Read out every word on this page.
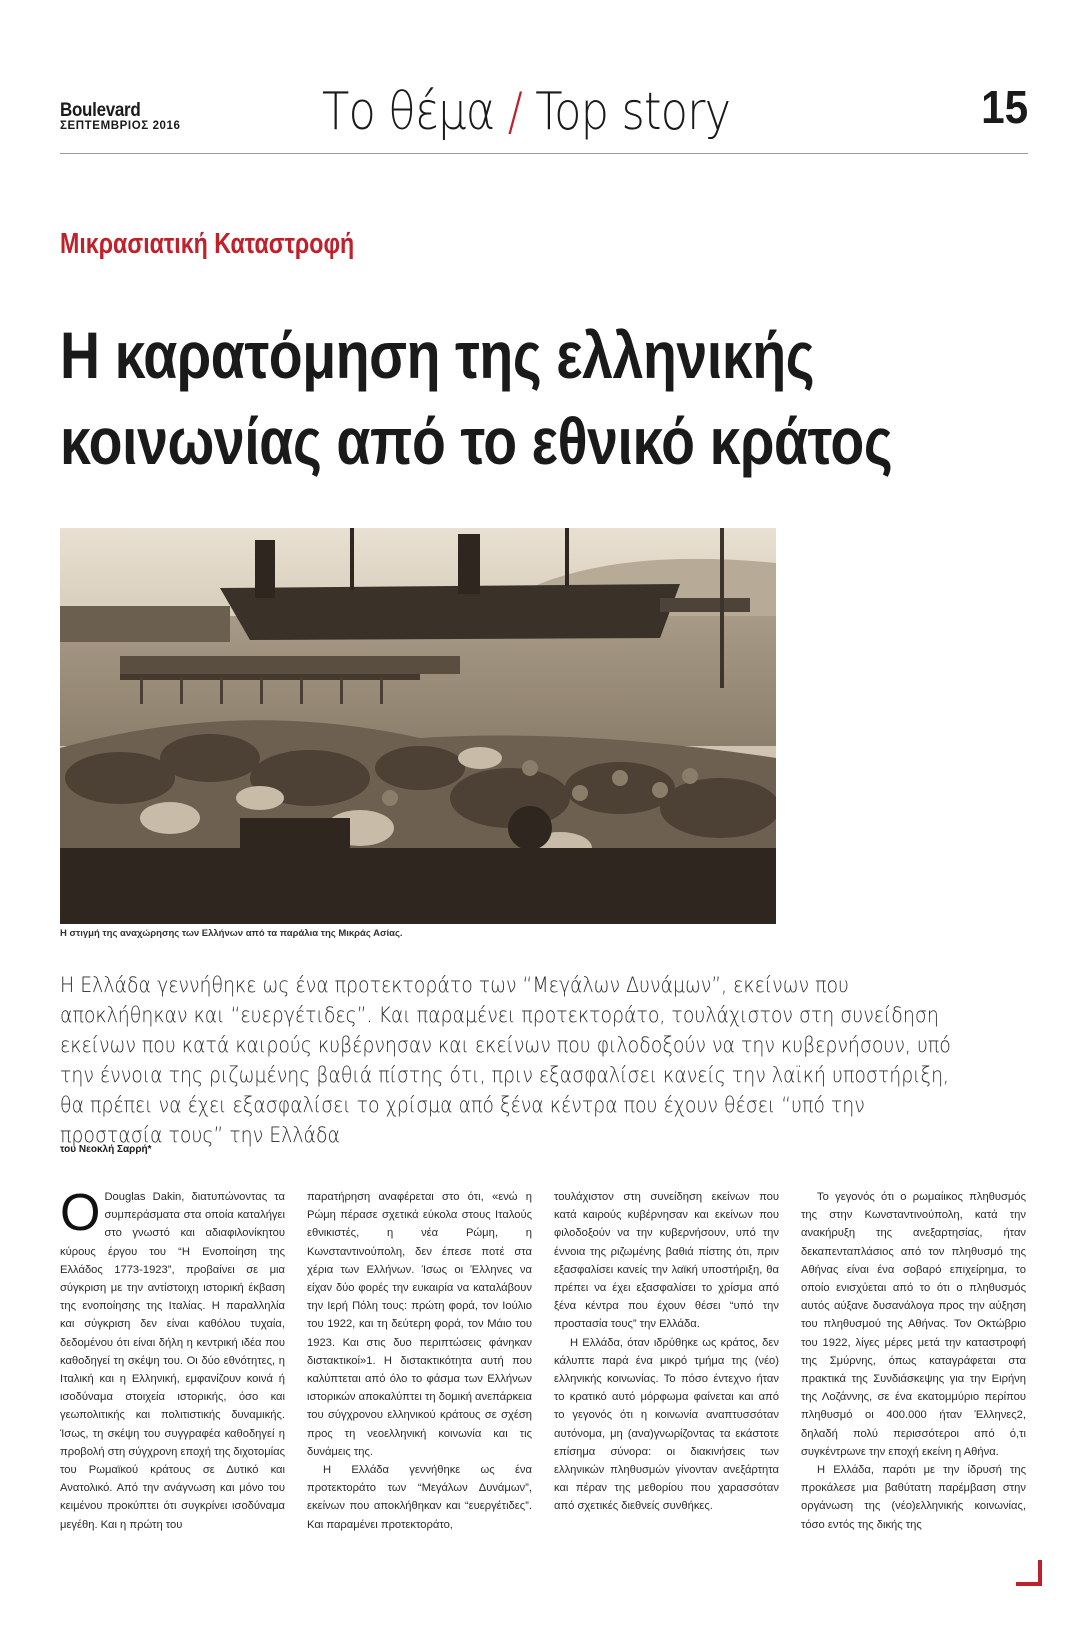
Boulevard
ΣΕΠΤΕΜΒΡΙΟΣ 2016	Το θέμα / Top story	15
Μικρασιατική Καταστροφή
Η καρατόμηση της ελληνικής
κοινωνίας από το εθνικό κράτος
Η στιγμή της αναχώρησης των Ελλήνων από τα παράλια της Μικράς Ασίας.

Η Ελλάδα γεννήθηκε ως ένα προτεκτοράτο των “Μεγάλων Δυνάμων”, εκείνων που αποκλήθηκαν και “ευεργέτιδες”. Και παραμένει προτεκτοράτο, τουλάχιστον στη συνείδηση εκείνων που κατά καιρούς κυβέρνησαν και εκείνων που φιλοδοξούν να την κυβερνήσουν, υπό την έννοια της ριζωμένης βαθιά πίστης ότι, πριν εξασφαλίσει κανείς την λαϊκή υποστήριξη, θα πρέπει να έχει εξασφαλίσει το χρίσμα από ξένα κέντρα που έχουν θέσει “υπό την προστασία τους” την Ελλάδα

του Νεοκλή Σαρρή*
Ο Douglas Dakin, διατυπώνοντας τα συμπεράσματα στα οποία καταλήγει στο γνωστό και αδιαφιλονίκητου κύρους έργου του “Η Ενοποίηση της Ελλάδος 1773-1923”, προβαίνει σε μια σύγκριση με την αντίστοιχη ιστορική έκβαση της ενοποίησης της Ιταλίας. Η παραλληλία και σύγκριση δεν είναι καθόλου τυχαία, δεδομένου ότι είναι δήλη η κεντρική ιδέα που καθοδηγεί τη σκέψη του. Οι δύο εθνότητες, η Ιταλική και η Ελληνική, εμφανίζουν κοινά ή ισοδύναμα στοιχεία ιστορικής, όσο και γεωπολιτικής και πολιτιστικής δυναμικής. Ίσως, τη σκέψη του συγγραφέα καθοδηγεί η προβολή στη σύγχρονη εποχή της διχοτομίας του Ρωμαϊκού κράτους σε Δυτικό και Ανατολικό. Από την ανάγνωση και μόνο του κειμένου προκύπτει ότι συγκρίνει ισοδύναμα μεγέθη. Και η πρώτη του

παρατήρηση αναφέρεται στο ότι, «ενώ η Ρώμη πέρασε σχετικά εύκολα στους Ιταλούς εθνικιστές, η νέα Ρώμη, η Κωνσταντινούπολη, δεν έπεσε ποτέ στα χέρια των Ελλήνων. Ίσως οι Έλληνες να είχαν δύο φορές την ευκαιρία να καταλάβουν την Ιερή Πόλη τους: πρώτη φορά, τον Ιούλιο του 1922, και τη δεύτερη φορά, τον Μάιο του 1923. Και στις δυο περιπτώσεις φάνηκαν διστακτικοί»1. Η διστακτικότητα αυτή που καλύπτεται από όλο το φάσμα των Ελλήνων ιστορικών αποκαλύπτει τη δομική ανεπάρκεια του σύγχρονου ελληνικού κράτους σε σχέση προς τη νεοελληνική κοινωνία και τις δυνάμεις της.

Η Ελλάδα γεννήθηκε ως ένα προτεκτοράτο των “Μεγάλων Δυνάμων”, εκείνων που αποκλήθηκαν και “ευεργέτιδες”. Και παραμένει προτεκτοράτο,

τουλάχιστον στη συνείδηση εκείνων που κατά καιρούς κυβέρνησαν και εκείνων που φιλοδοξούν να την κυβερνήσουν, υπό την έννοια της ριζωμένης βαθιά πίστης ότι, πριν εξασφαλίσει κανείς την λαϊκή υποστήριξη, θα πρέπει να έχει εξασφαλίσει το χρίσμα από ξένα κέντρα που έχουν θέσει “υπό την προστασία τους” την Ελλάδα.

Η Ελλάδα, όταν ιδρύθηκε ως κράτος, δεν κάλυπτε παρά ένα μικρό τμήμα της (νέο) ελληνικής κοινωνίας. Το πόσο έντεχνο ήταν το κρατικό αυτό μόρφωμα φαίνεται και από το γεγονός ότι η κοινωνία αναπτυσσόταν αυτόνομα, μη (ανα)γνωρίζοντας τα εκάστοτε επίσημα σύνορα: οι διακινήσεις των ελληνικών πληθυσμών γίνονταν ανεξάρτητα και πέραν της μεθορίου που χαρασσόταν από σχετικές διεθνείς συνθήκες.

Το γεγονός ότι ο ρωμαίικος πληθυσμός της στην Κωνσταντινούπολη, κατά την ανακήρυξη της ανεξαρτησίας, ήταν δεκαπενταπλάσιος από τον πληθυσμό της Αθήνας είναι ένα σοβαρό επιχείρημα, το οποίο ενισχύεται από το ότι ο πληθυσμός αυτός αύξανε δυσανάλογα προς την αύξηση του πληθυσμού της Αθήνας. Τον Οκτώβριο του 1922, λίγες μέρες μετά την καταστροφή της Σμύρνης, όπως καταγράφεται στα πρακτικά της Συνδιάσκεψης για την Ειρήνη της Λοζάννης, σε ένα εκατομμύριο περίπου πληθυσμό οι 400.000 ήταν Έλληνες2, δηλαδή πολύ περισσότεροι από ό,τι συγκέντρωνε την εποχή εκείνη η Αθήνα.

Η Ελλάδα, παρότι με την ίδρυσή της προκάλεσε μια βαθύτατη παρέμβαση στην οργάνωση της (νέο)ελληνικής κοινωνίας, τόσο εντός της δικής της
